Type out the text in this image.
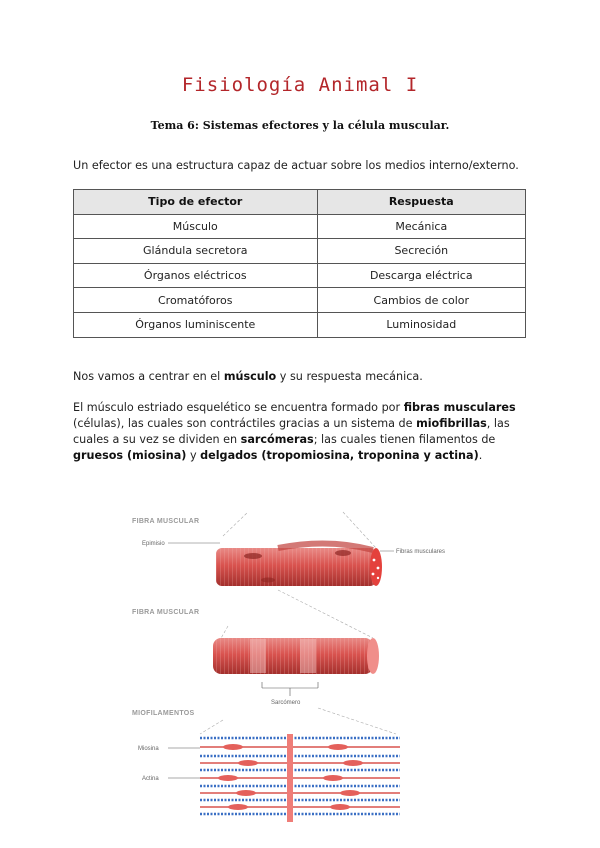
Fisiología Animal I
Tema 6: Sistemas efectores y la célula muscular.
Un efector es una estructura capaz de actuar sobre los medios interno/externo.
Tipo de efector	Respuesta
Músculo	Mecánica
Glándula secretora	Secreción
Órganos eléctricos	Descarga eléctrica
Cromatóforos	Cambios de color
Órganos luminiscente	Luminosidad
Nos vamos a centrar en el músculo y su respuesta mecánica.
El músculo estriado esquelético se encuentra formado por fibras musculares (células), las cuales son contráctiles gracias a un sistema de miofibrillas, las cuales a su vez se dividen en sarcómeras; las cuales tienen filamentos de gruesos (miosina) y delgados (tropomiosina, troponina y actina).
FIBRA MUSCULAR
Epimisio
Fibras musculares
FIBRA MUSCULAR
Sarcómero
MIOFILAMENTOS
Miosina
Actina
